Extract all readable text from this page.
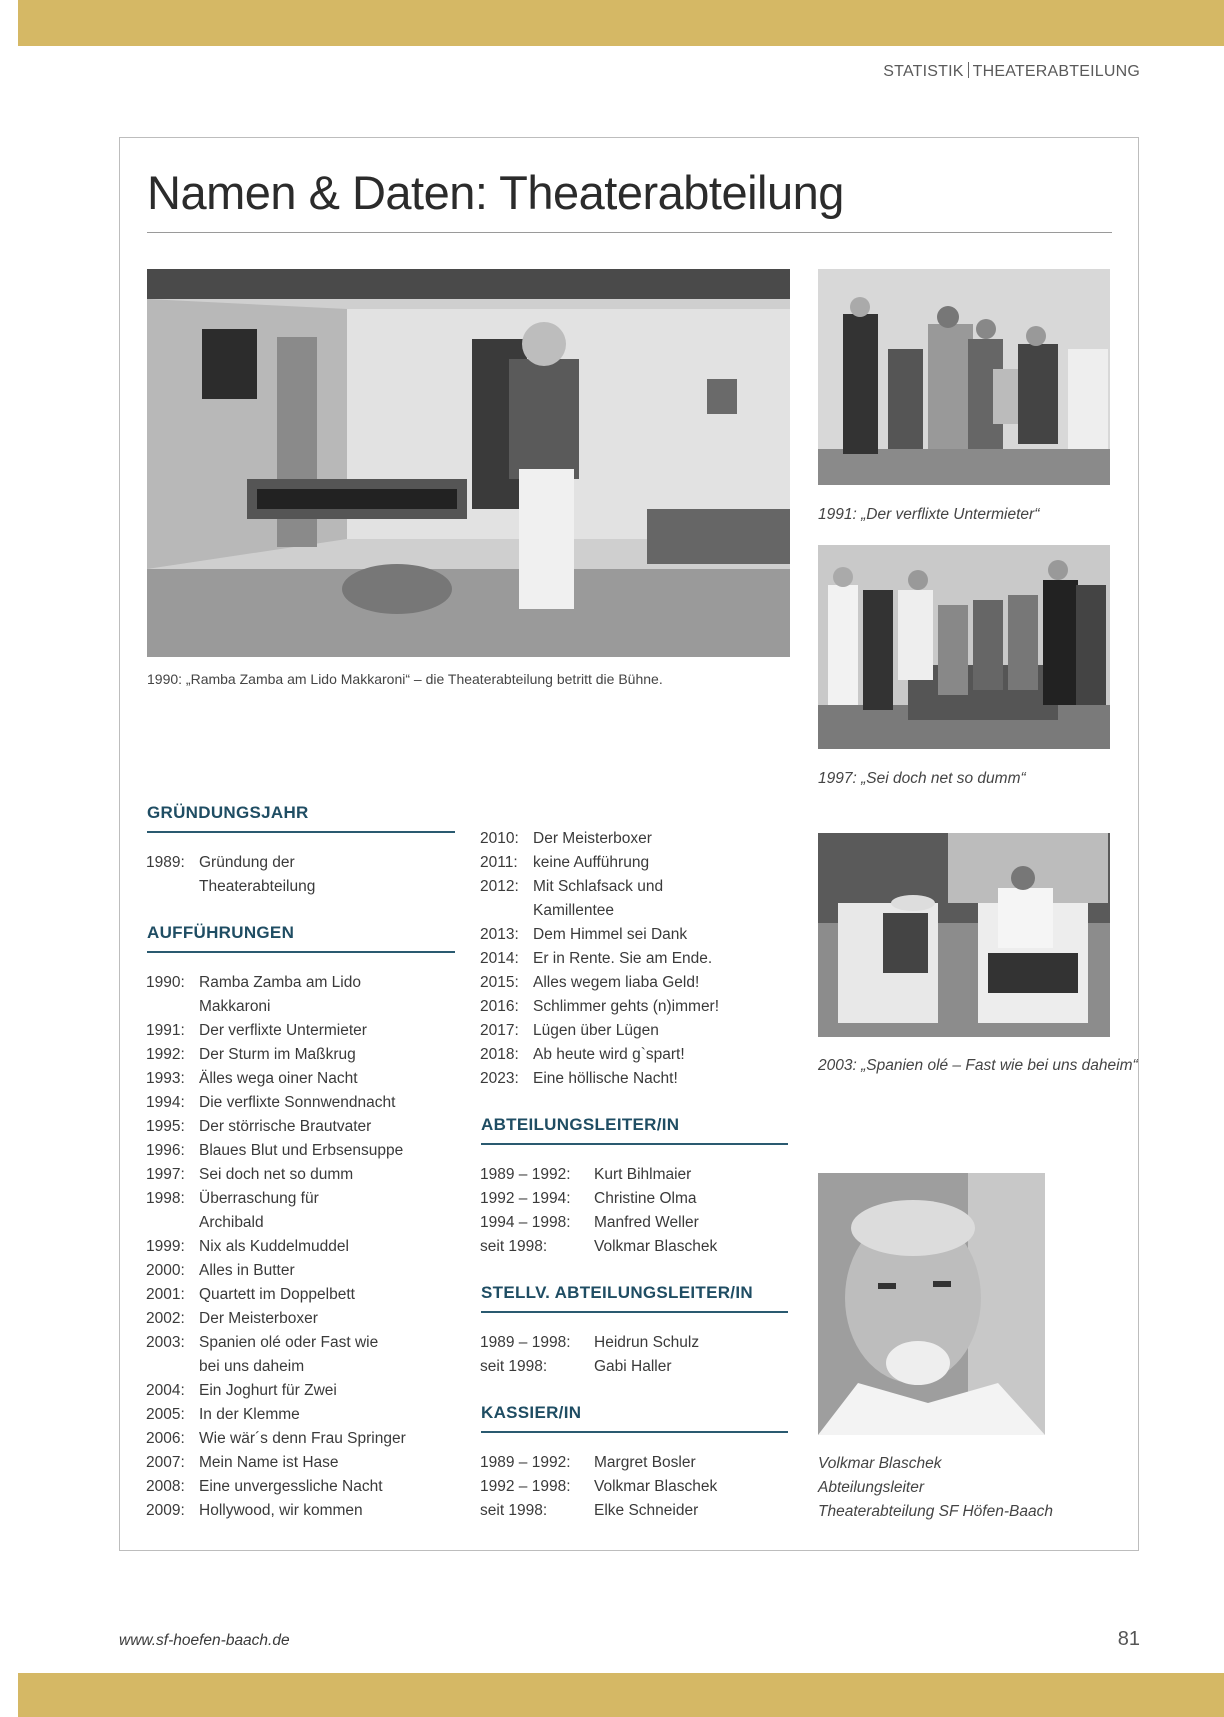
STATISTIK THEATERABTEILUNG
Namen & Daten: Theaterabteilung
1990: „Ramba Zamba am Lido Makkaroni“ – die Theaterabteilung betritt die Bühne.
1991: „Der verflixte Untermieter“
1997: „Sei doch net so dumm“
2003: „Spanien olé – Fast wie bei uns daheim“
Volkmar Blaschek
Abteilungsleiter
Theaterabteilung SF Höfen-Baach
GRÜNDUNGSJAHR
1989: Gründung der
Theaterabteilung
AUFFÜHRUNGEN
1990: Ramba Zamba am Lido
Makkaroni
1991: Der verflixte Untermieter
1992: Der Sturm im Maßkrug
1993: Älles wega oiner Nacht
1994: Die verflixte Sonnwendnacht
1995: Der störrische Brautvater
1996: Blaues Blut und Erbsensuppe
1997: Sei doch net so dumm
1998: Überraschung für
Archibald
1999: Nix als Kuddelmuddel
2000: Alles in Butter
2001: Quartett im Doppelbett
2002: Der Meisterboxer
2003: Spanien olé oder Fast wie
bei uns daheim
2004: Ein Joghurt für Zwei
2005: In der Klemme
2006: Wie wär´s denn Frau Springer
2007: Mein Name ist Hase
2008: Eine unvergessliche Nacht
2009: Hollywood, wir kommen
2010: Der Meisterboxer
2011: keine Aufführung
2012: Mit Schlafsack und
Kamillentee
2013: Dem Himmel sei Dank
2014: Er in Rente. Sie am Ende.
2015: Alles wegem liaba Geld!
2016: Schlimmer gehts (n)immer!
2017: Lügen über Lügen
2018: Ab heute wird g`spart!
2023: Eine höllische Nacht!
ABTEILUNGSLEITER/IN
1989 – 1992:	Kurt Bihlmaier
1992 – 1994:	Christine Olma
1994 – 1998:	Manfred Weller
seit 1998:	Volkmar Blaschek
STELLV. ABTEILUNGSLEITER/IN
1989 – 1998:	Heidrun Schulz
seit 1998:	Gabi Haller
KASSIER/IN
1989 – 1992:	Margret Bosler
1992 – 1998:	Volkmar Blaschek
seit 1998:	Elke Schneider
www.sf-hoefen-baach.de	81
